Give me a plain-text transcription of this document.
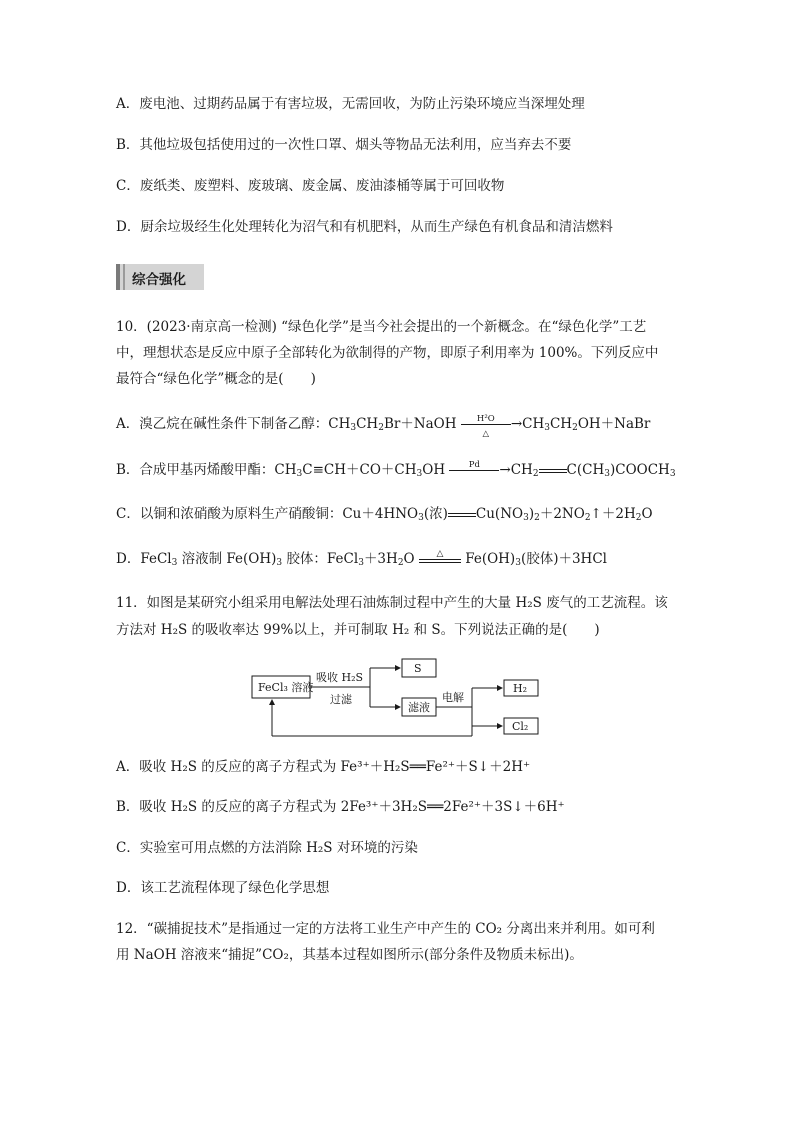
A．废电池、过期药品属于有害垃圾，无需回收，为防止污染环境应当深埋处理
B．其他垃圾包括使用过的一次性口罩、烟头等物品无法利用，应当弃去不要
C．废纸类、废塑料、废玻璃、废金属、废油漆桶等属于可回收物
D．厨余垃圾经生化处理转化为沼气和有机肥料，从而生产绿色有机食品和清洁燃料
综合强化
10．(2023·南京高一检测) “绿色化学”是当今社会提出的一个新概念。在“绿色化学”工艺
中，理想状态是反应中原子全部转化为欲制得的产物，即原子利用率为 100%。下列反应中
最符合“绿色化学”概念的是(　　)
A．溴乙烷在碱性条件下制备乙醇：$CH_3CH_2Br+NaOH$	H²O
△
$\to CH_3CH_2OH+NaBr$
B．合成甲基丙烯酸甲酯：$CH_3C\equiv CH+CO+CH_3OH$	Pd	$\to CH_2$ $C(CH_3)COOCH_3$
C．以铜和浓硝酸为原料生产硝酸铜：$Cu+4HNO_3$(浓) $Cu(NO_3)_2+2NO_2↑+2H_2O$
D．FeCl$_3$ 溶液制 $Fe(OH)_3$ 胶体：$FeCl_3+3H_2O$	△	$Fe(OH)_3$(胶体)＋3HCl
11．如图是某研究小组采用电解法处理石油炼制过程中产生的大量 H₂S 废气的工艺流程。该
方法对 H₂S 的吸收率达 99%以上，并可制取 H₂ 和 S。下列说法正确的是(　　)
FeCl₃ 溶液
吸收 H₂S
过滤
S
滤液
电解
H₂
Cl₂
A．吸收 H₂S 的反应的离子方程式为 Fe³⁺＋H₂S══Fe²⁺＋S↓＋2H⁺
B．吸收 H₂S 的反应的离子方程式为 2Fe³⁺＋3H₂S══2Fe²⁺＋3S↓＋6H⁺
C．实验室可用点燃的方法消除 H₂S 对环境的污染
D．该工艺流程体现了绿色化学思想
12．“碳捕捉技术”是指通过一定的方法将工业生产中产生的 CO₂ 分离出来并利用。如可利
用 NaOH 溶液来“捕捉”CO₂，其基本过程如图所示(部分条件及物质未标出)。
